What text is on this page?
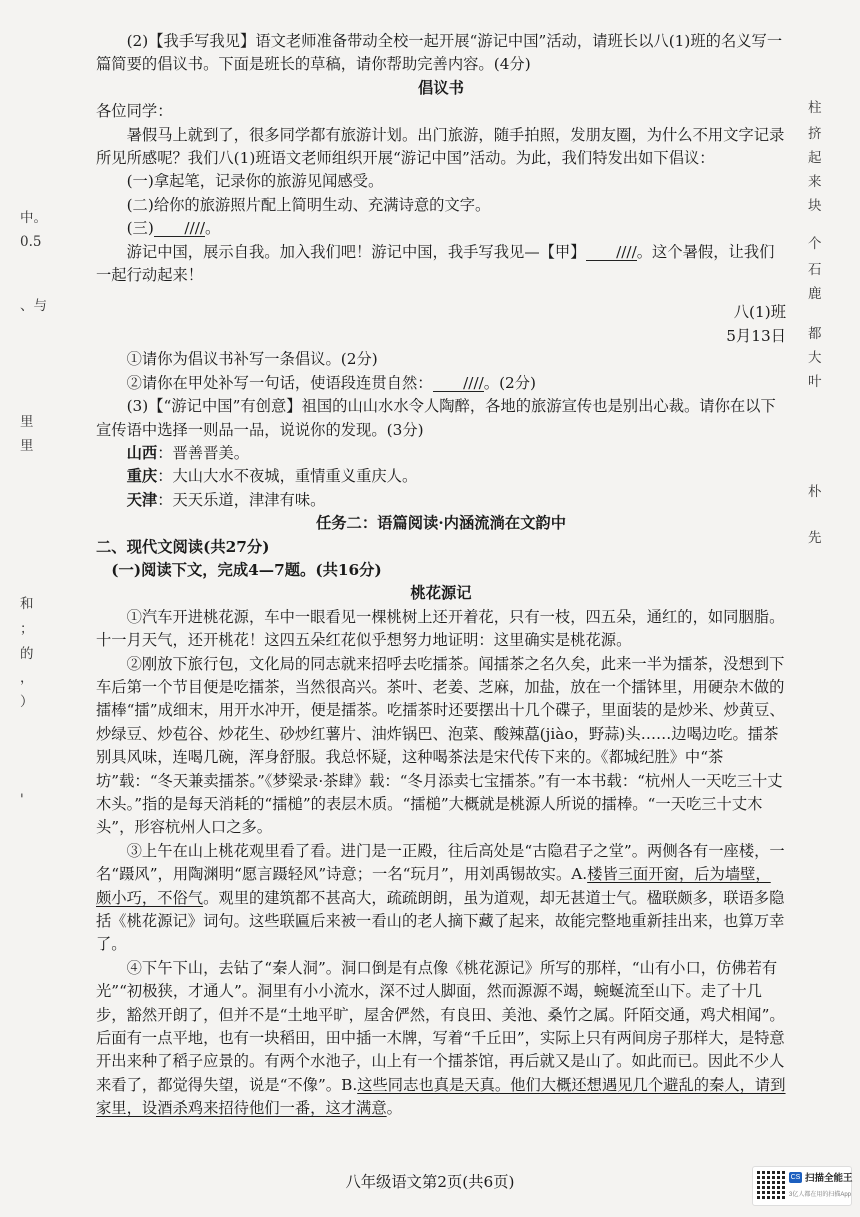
(2)【我手写我见】语文老师准备带动全校一起开展“游记中国”活动，请班长以八(1)班的名义写一篇简要的倡议书。下面是班长的草稿，请你帮助完善内容。(4分)

倡议书

各位同学：

暑假马上就到了，很多同学都有旅游计划。出门旅游，随手拍照，发朋友圈，为什么不用文字记录所见所感呢？我们八(1)班语文老师组织开展“游记中国”活动。为此，我们特发出如下倡议：

(一)拿起笔，记录你的旅游见闻感受。

(二)给你的旅游照片配上简明生动、充满诗意的文字。

(三) ////。

游记中国，展示自我。加入我们吧！游记中国，我手写我见—【甲】 ////。这个暑假，让我们一起行动起来！

八(1)班

5月13日

①请你为倡议书补写一条倡议。(2分)

②请你在甲处补写一句话，使语段连贯自然： ////。(2分)

(3)【“游记中国”有创意】祖国的山山水水令人陶醉，各地的旅游宣传也是别出心裁。请你在以下宣传语中选择一则品一品，说说你的发现。(3分)

山西：晋善晋美。

重庆：大山大水不夜城，重情重义重庆人。

天津：天天乐道，津津有味。

任务二：语篇阅读·内涵流淌在文韵中

二、现代文阅读(共27分)

(一)阅读下文，完成4—7题。(共16分)

桃花源记

①汽车开进桃花源，车中一眼看见一棵桃树上还开着花，只有一枝，四五朵，通红的，如同胭脂。十一月天气，还开桃花！这四五朵红花似乎想努力地证明：这里确实是桃花源。

②刚放下旅行包，文化局的同志就来招呼去吃擂茶。闻擂茶之名久矣，此来一半为擂茶，没想到下车后第一个节目便是吃擂茶，当然很高兴。茶叶、老姜、芝麻，加盐，放在一个擂钵里，用硬杂木做的擂棒“擂”成细末，用开水冲开，便是擂茶。吃擂茶时还要摆出十几个碟子，里面装的是炒米、炒黄豆、炒绿豆、炒苞谷、炒花生、砂炒红薯片、油炸锅巴、泡菜、酸辣藠(jiào，野蒜)头……边喝边吃。擂茶别具风味，连喝几碗，浑身舒服。我总怀疑，这种喝茶法是宋代传下来的。《都城纪胜》中“茶坊”载：“冬天兼卖擂茶。”《梦梁录·茶肆》载：“冬月添卖七宝擂茶。”有一本书载：“杭州人一天吃三十丈木头。”指的是每天消耗的“擂槌”的表层木质。“擂槌”大概就是桃源人所说的擂棒。“一天吃三十丈木头”，形容杭州人口之多。

③上午在山上桃花观里看了看。进门是一正殿，往后高处是“古隐君子之堂”。两侧各有一座楼，一名“蹑风”，用陶渊明“愿言蹑轻风”诗意；一名“玩月”，用刘禹锡故实。A.楼皆三面开窗，后为墙壁，颇小巧，不俗气。观里的建筑都不甚高大，疏疏朗朗，虽为道观，却无甚道士气。楹联颇多，联语多隐括《桃花源记》词句。这些联匾后来被一看山的老人摘下藏了起来，故能完整地重新挂出来，也算万幸了。

④下午下山，去钻了“秦人洞”。洞口倒是有点像《桃花源记》所写的那样，“山有小口，仿佛若有光”“初极狭，才通人”。洞里有小小流水，深不过人脚面，然而源源不竭，蜿蜒流至山下。走了十几步，豁然开朗了，但并不是“土地平旷，屋舍俨然，有良田、美池、桑竹之属。阡陌交通，鸡犬相闻”。后面有一点平地，也有一块稻田，田中插一木牌，写着“千丘田”，实际上只有两间房子那样大，是特意开出来种了稻子应景的。有两个水池子，山上有一个擂茶馆，再后就又是山了。如此而已。因此不少人来看了，都觉得失望，说是“不像”。B.这些同志也真是天真。他们大概还想遇见几个避乱的秦人，请到家里，设酒杀鸡来招待他们一番，这才满意。

八年级语文第2页(共6页)
中。
0.5
、与
里
里
和
；
的
，
）
'
柱
挤
起
来
块
个
石
鹿
都
大
叶
朴
先
CS 扫描全能王
3亿人都在用的扫描App
